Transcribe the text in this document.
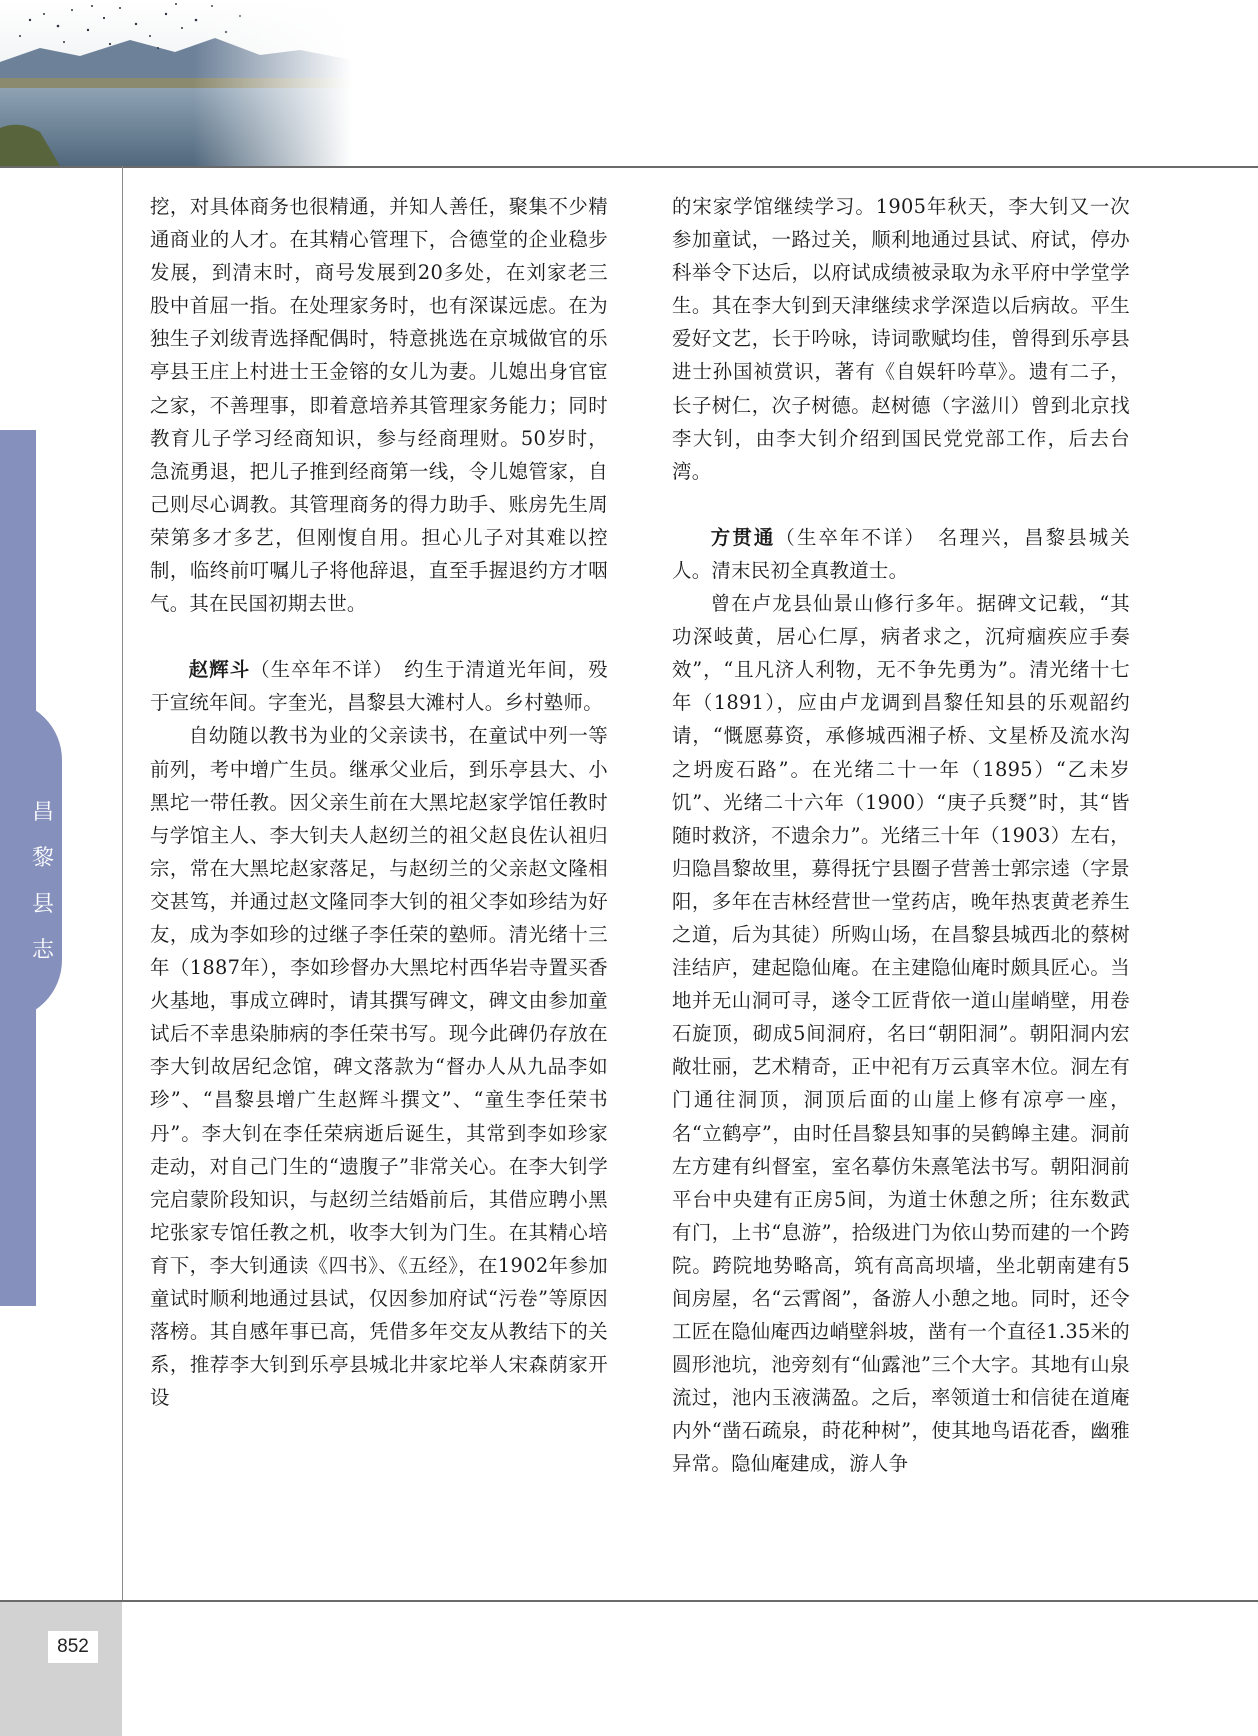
昌黎县志

挖，对具体商务也很精通，并知人善任，聚集不少精通商业的人才。在其精心管理下，合德堂的企业稳步发展，到清末时，商号发展到20多处，在刘家老三股中首屈一指。在处理家务时，也有深谋远虑。在为独生子刘绂青选择配偶时，特意挑选在京城做官的乐亭县王庄上村进士王金镕的女儿为妻。儿媳出身官宦之家，不善理事，即着意培养其管理家务能力；同时教育儿子学习经商知识，参与经商理财。50岁时，急流勇退，把儿子推到经商第一线，令儿媳管家，自己则尽心调教。其管理商务的得力助手、账房先生周荣第多才多艺，但刚愎自用。担心儿子对其难以控制，临终前叮嘱儿子将他辞退，直至手握退约方才咽气。其在民国初期去世。

赵辉斗（生卒年不详）　约生于清道光年间，殁于宣统年间。字奎光，昌黎县大滩村人。乡村塾师。

自幼随以教书为业的父亲读书，在童试中列一等前列，考中增广生员。继承父业后，到乐亭县大、小黑坨一带任教。因父亲生前在大黑坨赵家学馆任教时与学馆主人、李大钊夫人赵纫兰的祖父赵良佐认祖归宗，常在大黑坨赵家落足，与赵纫兰的父亲赵文隆相交甚笃，并通过赵文隆同李大钊的祖父李如珍结为好友，成为李如珍的过继子李任荣的塾师。清光绪十三年（1887年），李如珍督办大黑坨村西华岩寺置买香火基地，事成立碑时，请其撰写碑文，碑文由参加童试后不幸患染肺病的李任荣书写。现今此碑仍存放在李大钊故居纪念馆，碑文落款为“督办人从九品李如珍”、“昌黎县增广生赵辉斗撰文”、“童生李任荣书丹”。李大钊在李任荣病逝后诞生，其常到李如珍家走动，对自己门生的“遗腹子”非常关心。在李大钊学完启蒙阶段知识，与赵纫兰结婚前后，其借应聘小黑坨张家专馆任教之机，收李大钊为门生。在其精心培育下，李大钊通读《四书》、《五经》，在1902年参加童试时顺利地通过县试，仅因参加府试“污卷”等原因落榜。其自感年事已高，凭借多年交友从教结下的关系，推荐李大钊到乐亭县城北井家坨举人宋森荫家开设

的宋家学馆继续学习。1905年秋天，李大钊又一次参加童试，一路过关，顺利地通过县试、府试，停办科举令下达后，以府试成绩被录取为永平府中学堂学生。其在李大钊到天津继续求学深造以后病故。平生爱好文艺，长于吟咏，诗词歌赋均佳，曾得到乐亭县进士孙国祯赏识，著有《自娱轩吟草》。遗有二子，长子树仁，次子树德。赵树德（字滋川）曾到北京找李大钊，由李大钊介绍到国民党党部工作，后去台湾。

方贯通（生卒年不详）　名理兴，昌黎县城关人。清末民初全真教道士。

曾在卢龙县仙景山修行多年。据碑文记载，“其功深岐黄，居心仁厚，病者求之，沉疴痼疾应手奏效”，“且凡济人利物，无不争先勇为”。清光绪十七年（1891），应由卢龙调到昌黎任知县的乐观韶约请，“慨愿募资，承修城西湘子桥、文星桥及流水沟之坍废石路”。在光绪二十一年（1895）“乙未岁饥”、光绪二十六年（1900）“庚子兵燹”时，其“皆随时救济，不遗余力”。光绪三十年（1903）左右，归隐昌黎故里，募得抚宁县圈子营善士郭宗逵（字景阳，多年在吉林经营世一堂药店，晚年热衷黄老养生之道，后为其徒）所购山场，在昌黎县城西北的蔡树洼结庐，建起隐仙庵。在主建隐仙庵时颇具匠心。当地并无山洞可寻，遂令工匠背依一道山崖峭壁，用卷石旋顶，砌成5间洞府，名曰“朝阳洞”。朝阳洞内宏敞壮丽，艺术精奇，正中祀有万云真宰木位。洞左有门通往洞顶，洞顶后面的山崖上修有凉亭一座，名“立鹤亭”，由时任昌黎县知事的吴鹤皞主建。洞前左方建有纠督室，室名摹仿朱熹笔法书写。朝阳洞前平台中央建有正房5间，为道士休憩之所；往东数武有门，上书“息游”，拾级进门为依山势而建的一个跨院。跨院地势略高，筑有高高坝墙，坐北朝南建有5间房屋，名“云霄阁”，备游人小憩之地。同时，还令工匠在隐仙庵西边峭壁斜坡，凿有一个直径1.35米的圆形池坑，池旁刻有“仙露池”三个大字。其地有山泉流过，池内玉液满盈。之后，率领道士和信徒在道庵内外“凿石疏泉，莳花种树”，使其地鸟语花香，幽雅异常。隐仙庵建成，游人争

852
